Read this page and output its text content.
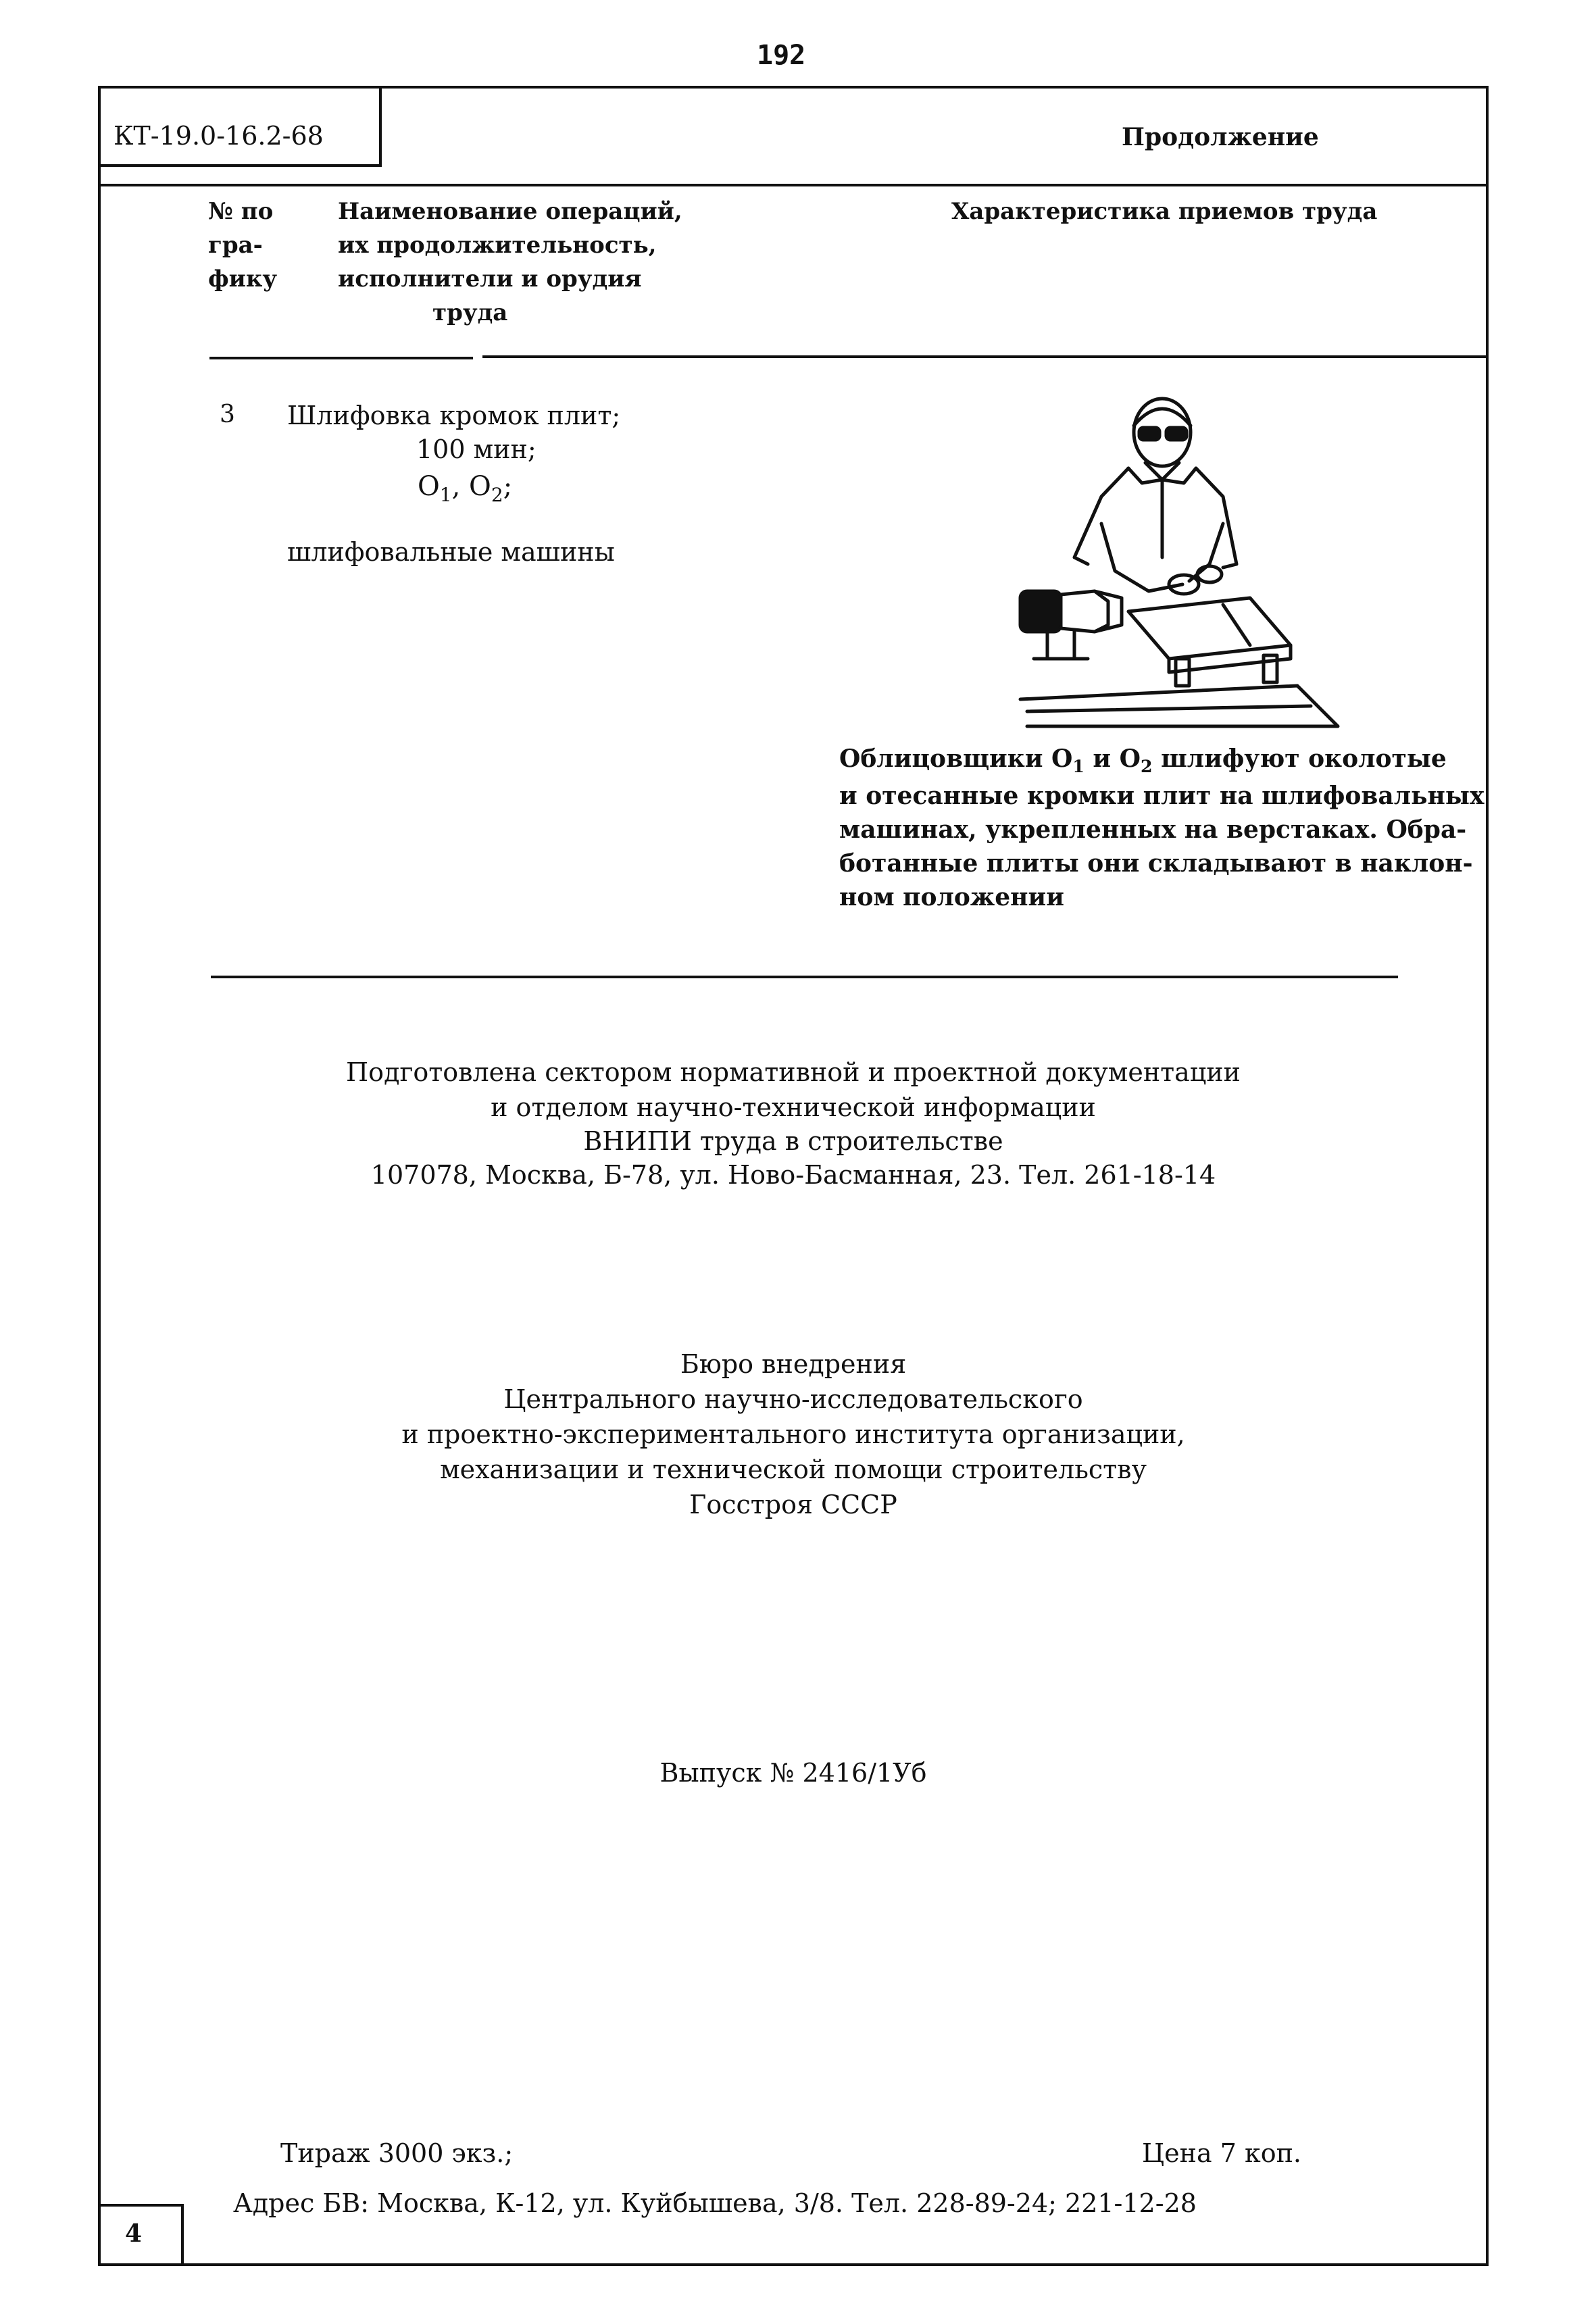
192
КТ-19.0-16.2-68	Продолжение
№ по
гра-
фику
Наименование операций,
их продолжительность,
исполнители и орудия
труда
Характеристика приемов труда
3 Шлифовка кромок плит;
100 мин;
$O_1$, $O_2$;
шлифовальные машины
Облицовщики $O_1$ и $O_2$ шлифуют околотые
и отесанные кромки плит на шлифовальных
машинах, укрепленных на верстаках. Обра-
ботанные плиты они складывают в наклон-
ном положении
Подготовлена сектором нормативной и проектной документации
и отделом научно-технической информации
ВНИПИ труда в строительстве
107078, Москва, Б-78, ул. Ново-Басманная, 23. Тел. 261-18-14
Бюро внедрения
Центрального научно-исследовательского
и проектно-экспериментального института организации,
механизации и технической помощи строительству
Госстроя СССР
Выпуск № 2416/1Уб
Тираж 3000 экз.;	Цена 7 коп.
Адрес БВ: Москва, К-12, ул. Куйбышева, 3/8. Тел. 228-89-24; 221-12-28
4
